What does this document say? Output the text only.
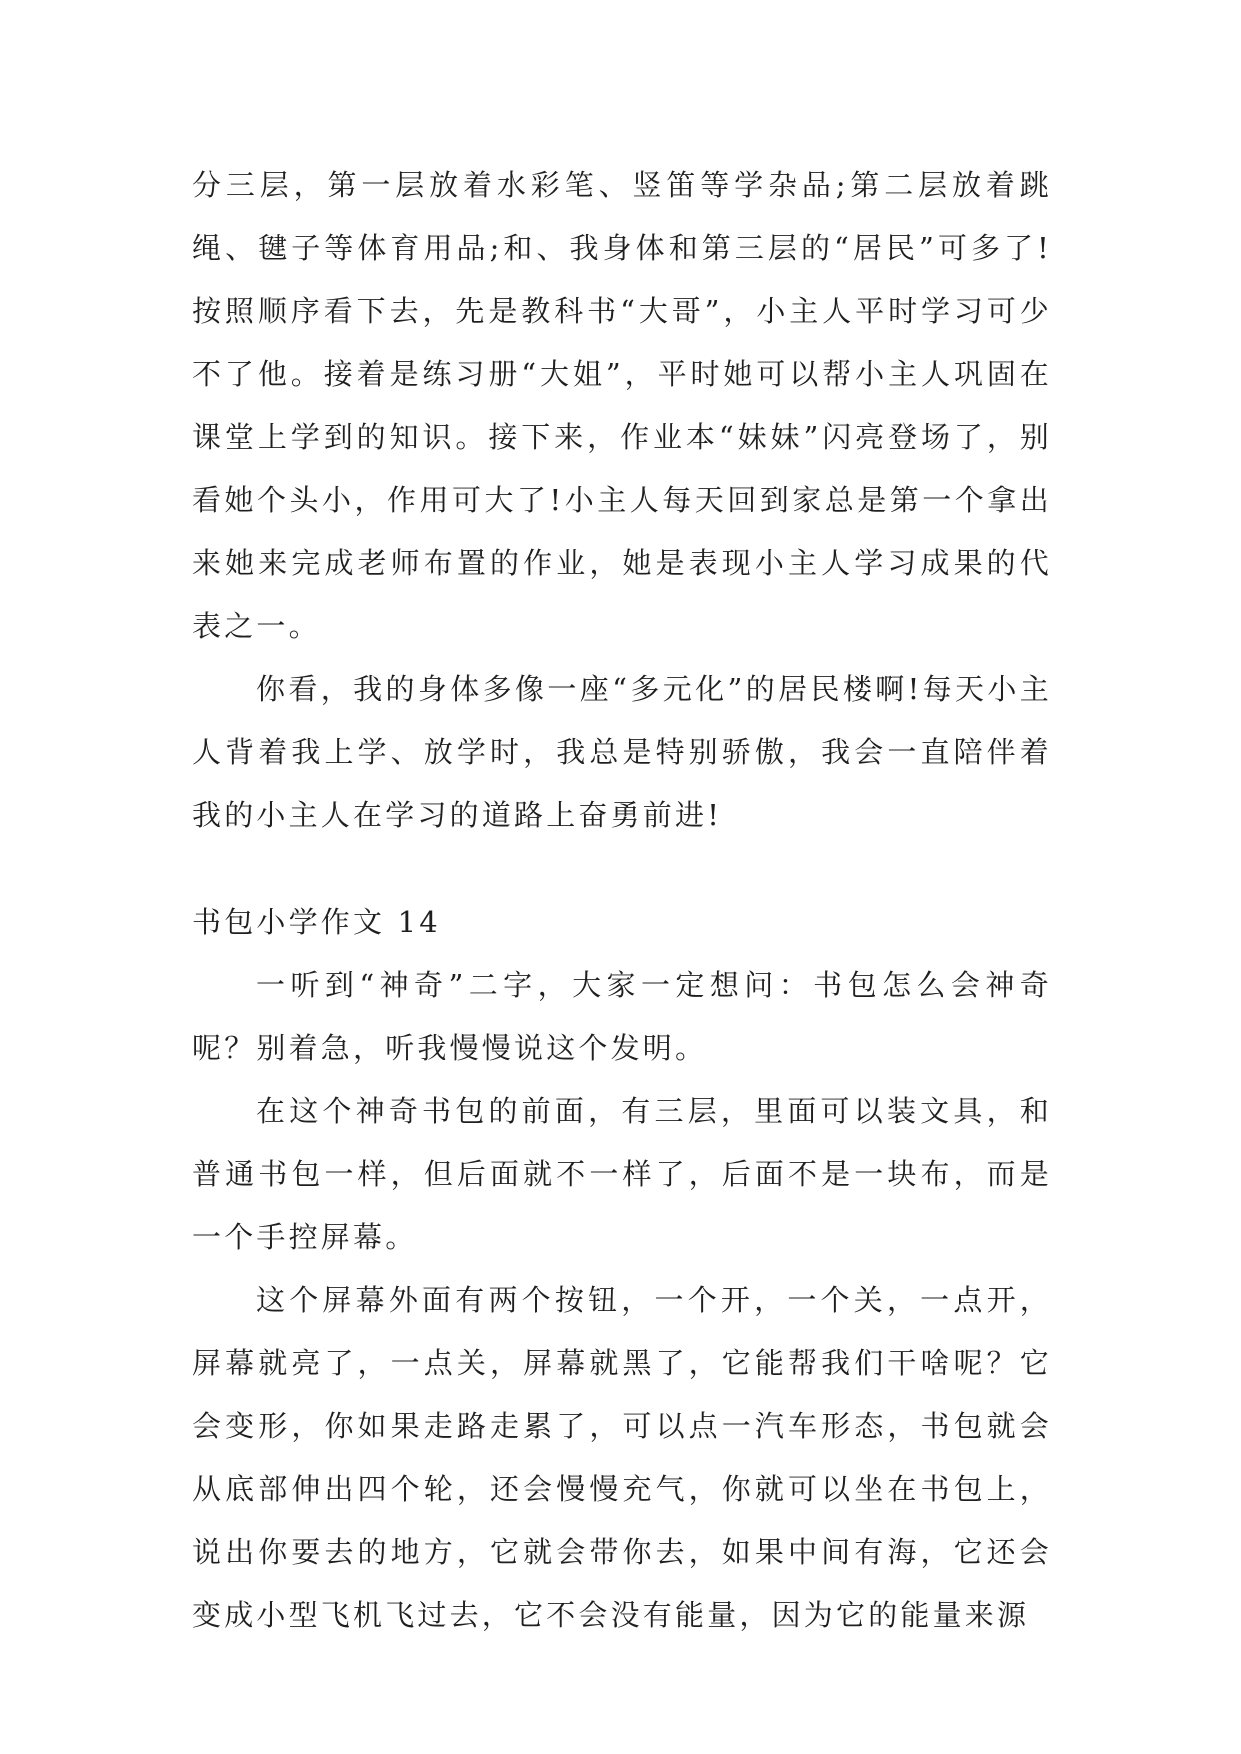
分三层，第一层放着水彩笔、竖笛等学杂品;第二层放着跳绳、毽子等体育用品;和、我身体和第三层的“居民”可多了!按照顺序看下去，先是教科书“大哥”，小主人平时学习可少不了他。接着是练习册“大姐”，平时她可以帮小主人巩固在课堂上学到的知识。接下来，作业本“妹妹”闪亮登场了，别看她个头小，作用可大了!小主人每天回到家总是第一个拿出来她来完成老师布置的作业，她是表现小主人学习成果的代表之一。

你看，我的身体多像一座“多元化”的居民楼啊!每天小主人背着我上学、放学时，我总是特别骄傲，我会一直陪伴着我的小主人在学习的道路上奋勇前进!

书包小学作文 14

一听到“神奇”二字，大家一定想问：书包怎么会神奇呢？别着急，听我慢慢说这个发明。

在这个神奇书包的前面，有三层，里面可以装文具，和普通书包一样，但后面就不一样了，后面不是一块布，而是一个手控屏幕。

这个屏幕外面有两个按钮，一个开，一个关，一点开，屏幕就亮了，一点关，屏幕就黑了，它能帮我们干啥呢？它会变形，你如果走路走累了，可以点一汽车形态，书包就会从底部伸出四个轮，还会慢慢充气，你就可以坐在书包上，说出你要去的地方，它就会带你去，如果中间有海，它还会变成小型飞机飞过去，它不会没有能量，因为它的能量来源
